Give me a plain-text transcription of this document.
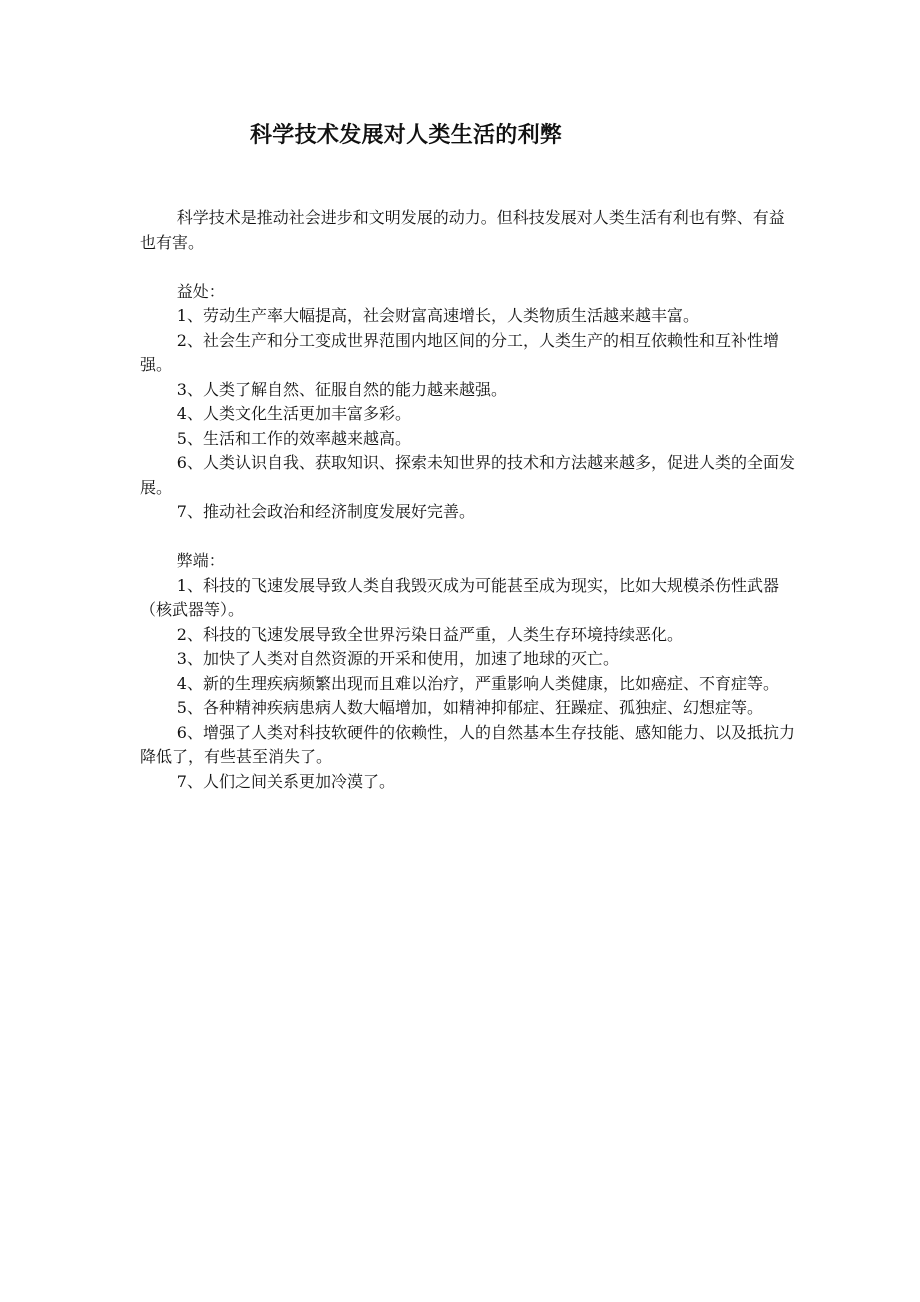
科学技术发展对人类生活的利弊

科学技术是推动社会进步和文明发展的动力。但科技发展对人类生活有利也有弊、有益也有害。

益处：

1、劳动生产率大幅提高，社会财富高速增长，人类物质生活越来越丰富。

2、社会生产和分工变成世界范围内地区间的分工，人类生产的相互依赖性和互补性增强。

3、人类了解自然、征服自然的能力越来越强。

4、人类文化生活更加丰富多彩。

5、生活和工作的效率越来越高。

6、人类认识自我、获取知识、探索未知世界的技术和方法越来越多，促进人类的全面发展。

7、推动社会政治和经济制度发展好完善。

弊端：

1、科技的飞速发展导致人类自我毁灭成为可能甚至成为现实，比如大规模杀伤性武器（核武器等）。

2、科技的飞速发展导致全世界污染日益严重，人类生存环境持续恶化。

3、加快了人类对自然资源的开采和使用，加速了地球的灭亡。

4、新的生理疾病频繁出现而且难以治疗，严重影响人类健康，比如癌症、不育症等。

5、各种精神疾病患病人数大幅增加，如精神抑郁症、狂躁症、孤独症、幻想症等。

6、增强了人类对科技软硬件的依赖性，人的自然基本生存技能、感知能力、以及抵抗力降低了，有些甚至消失了。

7、人们之间关系更加冷漠了。
